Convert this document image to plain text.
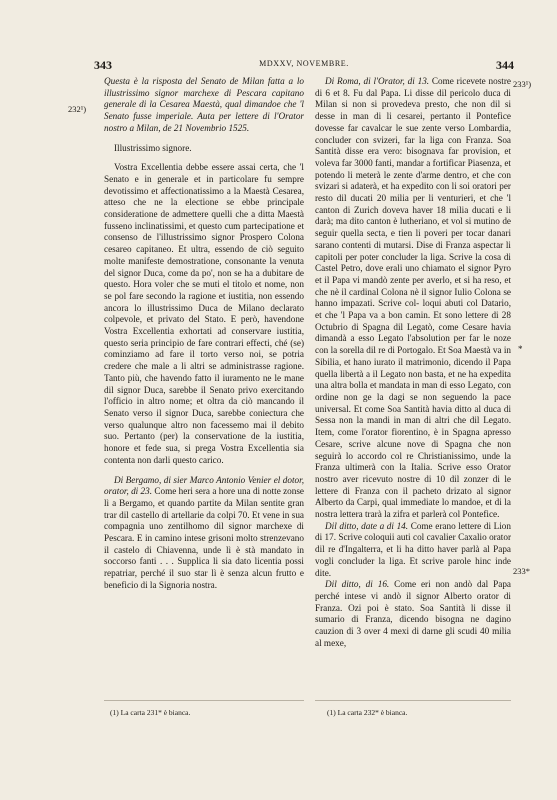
343	MDXXV, NOVEMBRE.	344
232¹)
233¹)
233*
*

Questa è la risposta del Senato de Milan fatta a lo illustrissimo signor marchexe di Pescara capitano generale di la Cesarea Maestà, qual dimandoe che 'l Senato fusse imperiale. Auta per lettere di l'Orator nostro a Milan, de 21 Novembrio 1525.

Illustrissimo signore.

Vostra Excellentia debbe essere assai certa, che 'l Senato e in generale et in particolare fu sempre devotissimo et affectionatissimo a la Maestà Cesarea, atteso che ne la electione se ebbe principale consideratione de admettere quelli che a ditta Maestà fusseno inclinatissimi, et questo cum partecipatione et consenso de l'illustrissimo signor Prospero Colona cesareo capitaneo. Et ultra, essendo de ciò seguito molte manifeste demostratione, consonante la venuta del signor Duca, come da po', non se ha a dubitare de questo. Hora voler che se muti el titolo et nome, non se pol fare secondo la ragione et iustitia, non essendo ancora lo illustrissimo Duca de Milano declarato colpevole, et privato del Stato. E però, havendone Vostra Excellentia exhortati ad conservare iustitia, questo seria principio de fare contrari effecti, ché (se) cominziamo ad fare il torto verso noi, se potria credere che male a li altri se administrasse ragione. Tanto più, che havendo fatto il iuramento ne le mane dil signor Duca, sarebbe il Senato privo exercitando l'officio in altro nome; et oltra da ciò mancando il Senato verso il signor Duca, sarebbe coniectura che verso qualunque altro non facessemo mai il debito suo. Pertanto (per) la conservatione de la iustitia, honore et fede sua, si prega Vostra Excellentia sia contenta non darli questo carico.

Di Bergamo, di sier Marco Antonio Venier el dotor, orator, di 23. Come heri sera a hore una di notte zonse lì a Bergamo, et quando partite da Milan sentite gran trar dil castello di artellarie da colpi 70. Et vene in sua compagnia uno zentilhomo dil signor marchexe di Pescara. E in camino intese grisoni molto strenzevano il castelo di Chiavenna, unde lì è stà mandato in soccorso fanti . . . Supplica li sia dato licentia possi repatriar, perché il suo star lì è senza alcun frutto e beneficio di la Signoria nostra.

Di Roma, di l'Orator, di 13. Come ricevete nostre di 6 et 8. Fu dal Papa. Li disse dil pericolo duca di Milan si non si provedeva presto, che non dil si desse in man di li cesarei, pertanto il Pontefice dovesse far cavalcar le sue zente verso Lombardia, concluder con svizeri, far la liga con Franza. Soa Santità disse era vero: bisognava far provision, et voleva far 3000 fanti, mandar a fortificar Piasenza, et potendo li meterà le zente d'arme dentro, et che con svizari si adaterà, et ha expedito con li soi oratori per resto dil ducati 20 milia per li venturieri, et che 'l canton di Zurich doveva haver 18 milia ducati e li darà; ma dito canton è lutheriano, et vol si mutino de seguir quella secta, e tien li poveri per tocar danari sarano contenti di mutarsi. Dise di Franza aspectar li capitoli per poter concluder la liga. Scrive la cosa di Castel Petro, dove erali uno chiamato el signor Pyro et il Papa vi mandò zente per averlo, et si ha reso, et che nè il cardinal Colona nè il signor Iulio Colona se hanno impazati. Scrive col- loqui abuti col Datario, et che 'l Papa va a bon camin. Et sono lettere di 28 Octubrio di Spagna dil Legatò, come Cesare havia dimandà a esso Legato l'absolution per far le noze con la sorella dil re di Portogalo. Et Soa Maestà va in Sibilia, et hano iurato il matrimonio, dicendo il Papa quella libertà a il Legato non basta, et ne ha expedita una altra bolla et mandata in man di esso Legato, con ordine non ge la dagi se non seguendo la pace universal. Et come Soa Santità havia ditto al duca di Sessa non la mandi in man di altri che dil Legato. Item, come l'orator fiorentino, è in Spagna apresso Cesare, scrive alcune nove di Spagna che non seguirà lo accordo col re Christianissimo, unde la Franza ultimerà con la Italia. Scrive esso Orator nostro aver ricevuto nostre di 10 dil zonzer di le lettere di Franza con il pacheto drizato al signor Alberto da Carpi, qual immediate lo mandoe, et di la nostra lettera trarà la zifra et parlerà col Pontefice.

Dil ditto, date a di 14. Come erano lettere di Lion di 17. Scrive coloquii auti col cavalier Caxalio orator dil re d'Ingalterra, et li ha ditto haver parlà al Papa vogli concluder la liga. Et scrive parole hinc inde dite.

Dil ditto, di 16. Come eri non andò dal Papa perché intese vi andò il signor Alberto orator di Franza. Ozi poi è stato. Soa Santità li disse il sumario di Franza, dicendo bisogna ne dagino cauzion di 3 over 4 mexi di darne gli scudi 40 milia al mexe,

(1) La carta 231* è bianca.	(1) La carta 232* è bianca.
